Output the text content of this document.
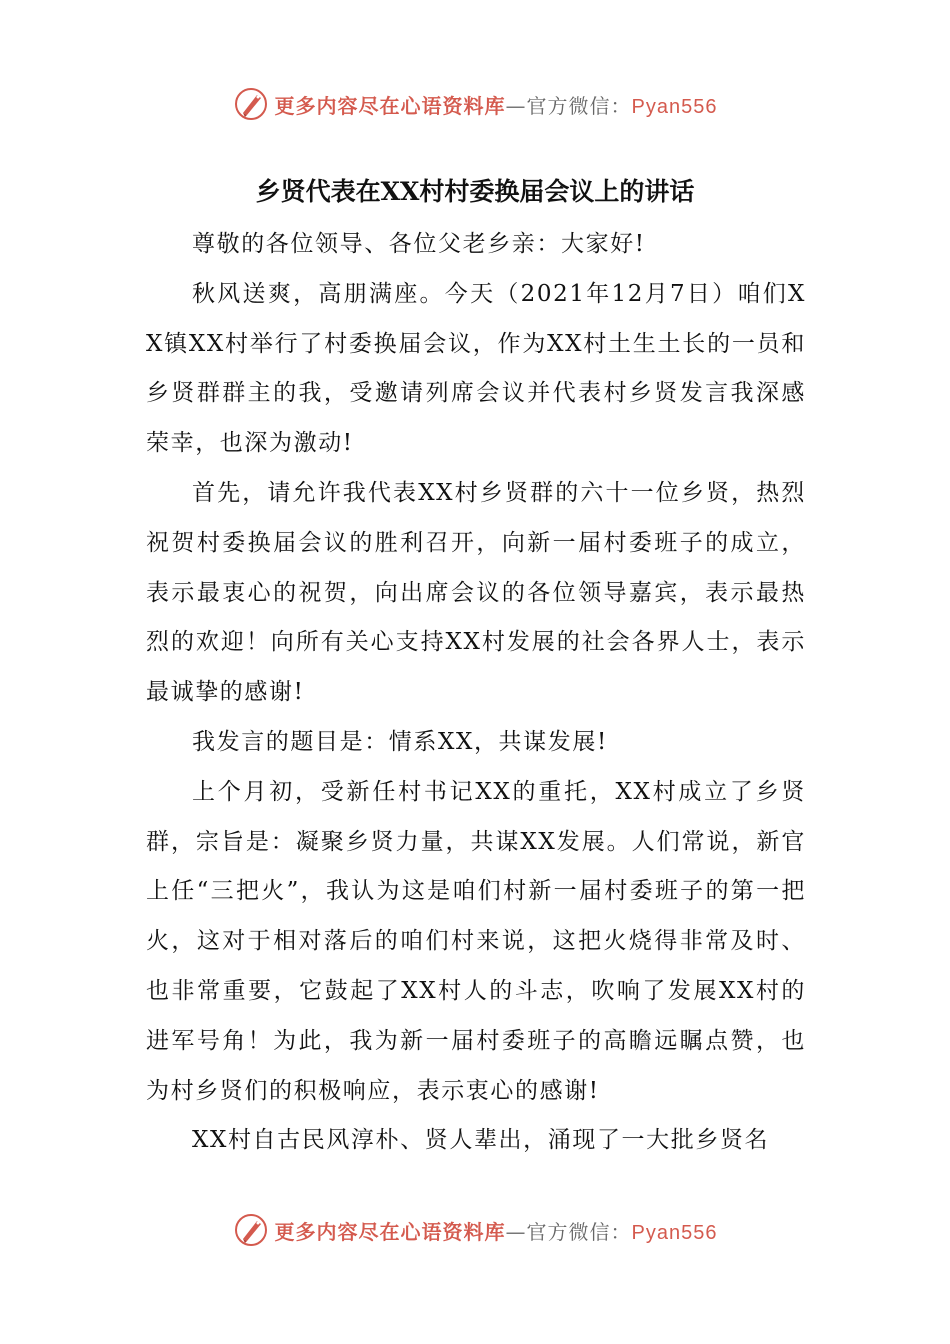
更多内容尽在心语资料库—官方微信：Pyan556
乡贤代表在XX村村委换届会议上的讲话

尊敬的各位领导、各位父老乡亲：大家好!

秋风送爽，高朋满座。今天（2021年12月7日）咱们XX镇XX村举行了村委换届会议，作为XX村土生土长的一员和乡贤群群主的我，受邀请列席会议并代表村乡贤发言我深感荣幸，也深为激动!

首先，请允许我代表XX村乡贤群的六十一位乡贤，热烈祝贺村委换届会议的胜利召开，向新一届村委班子的成立，表示最衷心的祝贺，向出席会议的各位领导嘉宾，表示最热烈的欢迎！向所有关心支持XX村发展的社会各界人士，表示最诚挚的感谢!

我发言的题目是：情系XX，共谋发展!

上个月初，受新任村书记XX的重托，XX村成立了乡贤群，宗旨是：凝聚乡贤力量，共谋XX发展。人们常说，新官上任“三把火”，我认为这是咱们村新一届村委班子的第一把火，这对于相对落后的咱们村来说，这把火烧得非常及时、也非常重要，它鼓起了XX村人的斗志，吹响了发展XX村的进军号角！为此，我为新一届村委班子的高瞻远瞩点赞，也为村乡贤们的积极响应，表示衷心的感谢!

XX村自古民风淳朴、贤人辈出，涌现了一大批乡贤名

更多内容尽在心语资料库—官方微信：Pyan556
